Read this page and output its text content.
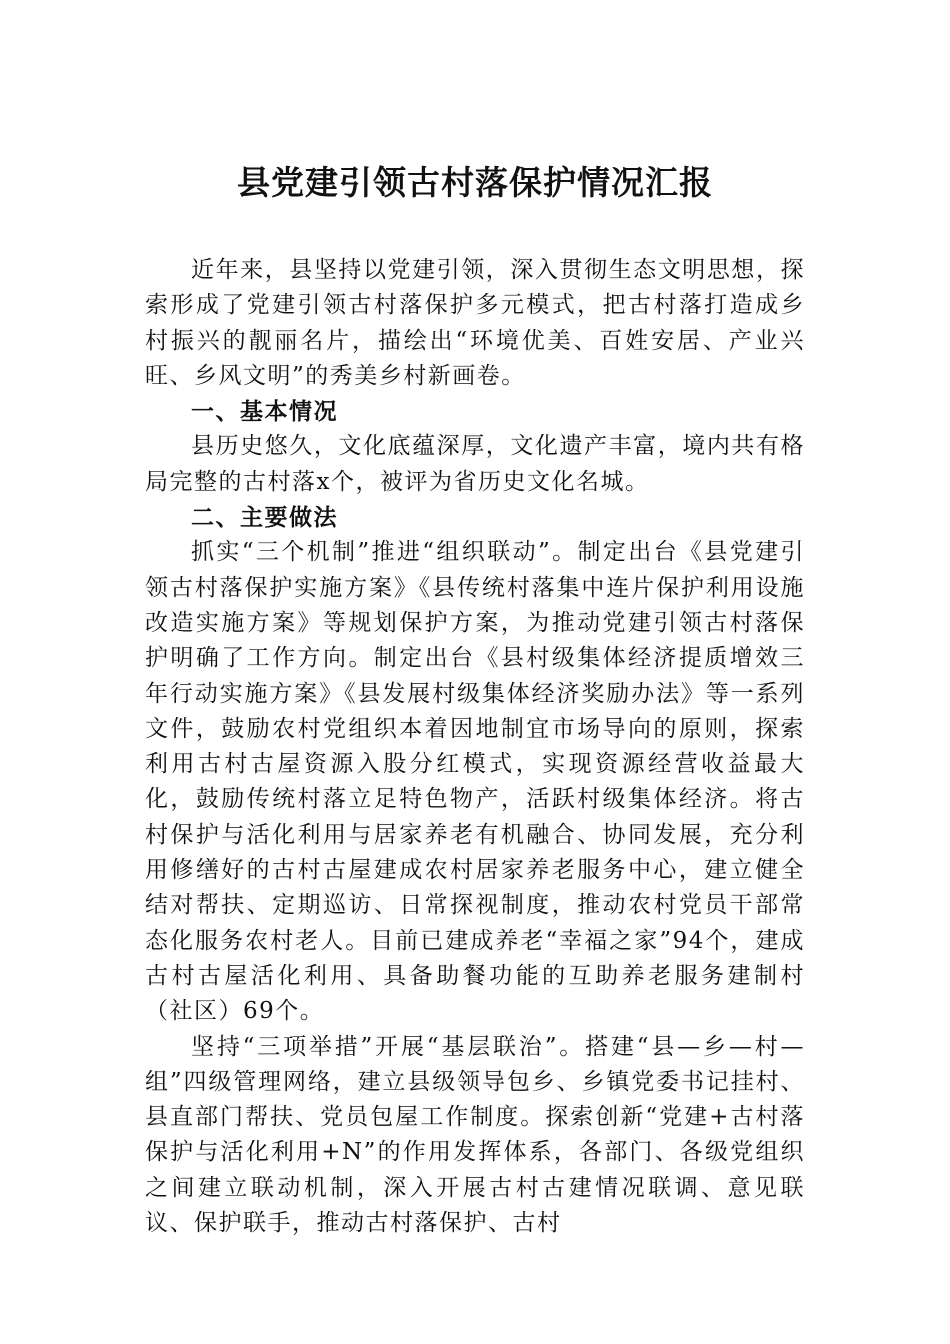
县党建引领古村落保护情况汇报

近年来，县坚持以党建引领，深入贯彻生态文明思想，探索形成了党建引领古村落保护多元模式，把古村落打造成乡村振兴的靓丽名片，描绘出“环境优美、百姓安居、产业兴旺、乡风文明”的秀美乡村新画卷。

一、基本情况

县历史悠久，文化底蕴深厚，文化遗产丰富，境内共有格局完整的古村落x个，被评为省历史文化名城。

二、主要做法

抓实“三个机制”推进“组织联动”。制定出台《县党建引领古村落保护实施方案》《县传统村落集中连片保护利用设施改造实施方案》等规划保护方案，为推动党建引领古村落保护明确了工作方向。制定出台《县村级集体经济提质增效三年行动实施方案》《县发展村级集体经济奖励办法》等一系列文件，鼓励农村党组织本着因地制宜市场导向的原则，探索利用古村古屋资源入股分红模式，实现资源经营收益最大化，鼓励传统村落立足特色物产，活跃村级集体经济。将古村保护与活化利用与居家养老有机融合、协同发展，充分利用修缮好的古村古屋建成农村居家养老服务中心，建立健全结对帮扶、定期巡访、日常探视制度，推动农村党员干部常态化服务农村老人。目前已建成养老“幸福之家”94个，建成古村古屋活化利用、具备助餐功能的互助养老服务建制村（社区）69个。

坚持“三项举措”开展“基层联治”。搭建“县—乡—村—组”四级管理网络，建立县级领导包乡、乡镇党委书记挂村、县直部门帮扶、党员包屋工作制度。探索创新“党建+古村落保护与活化利用+N”的作用发挥体系，各部门、各级党组织之间建立联动机制，深入开展古村古建情况联调、意见联议、保护联手，推动古村落保护、古村
